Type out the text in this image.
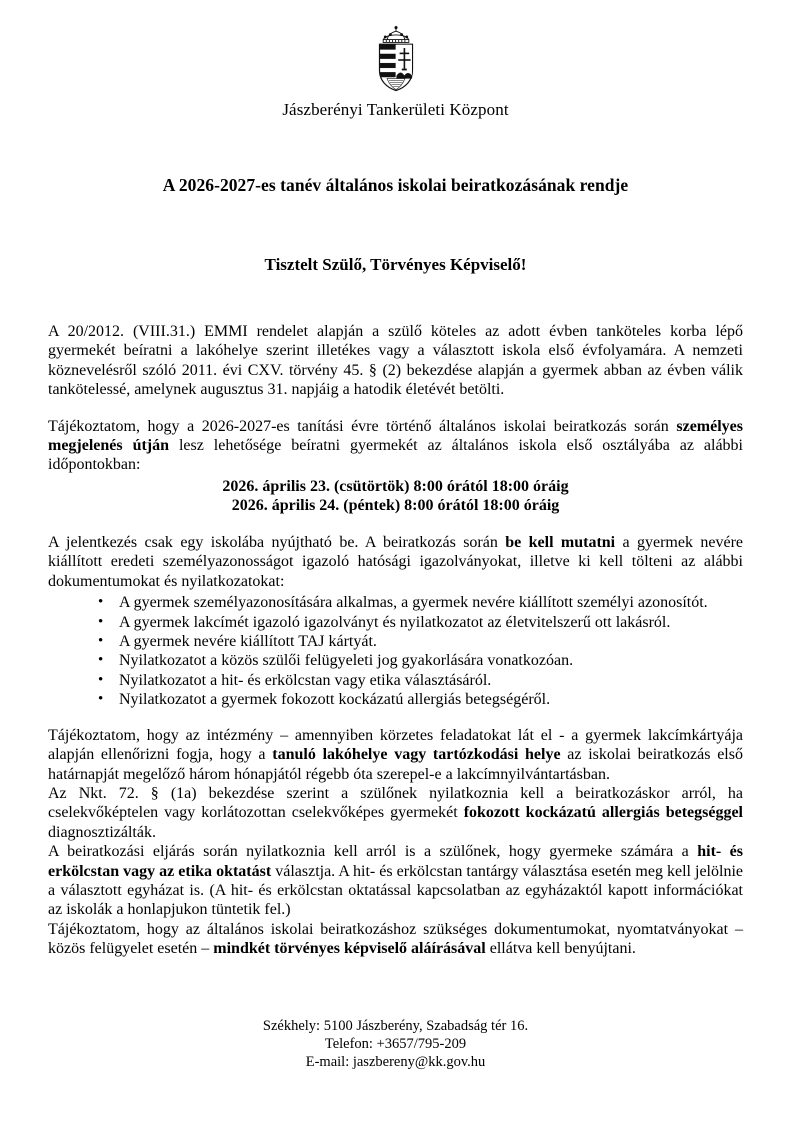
Jászberényi Tankerületi Központ
A 2026-2027-es tanév általános iskolai beiratkozásának rendje
Tisztelt Szülő, Törvényes Képviselő!

A 20/2012. (VIII.31.) EMMI rendelet alapján a szülő köteles az adott évben tanköteles korba lépő gyermekét beíratni a lakóhelye szerint illetékes vagy a választott iskola első évfolyamára. A nemzeti köznevelésről szóló 2011. évi CXV. törvény 45. § (2) bekezdése alapján a gyermek abban az évben válik tankötelessé, amelynek augusztus 31. napjáig a hatodik életévét betölti.

Tájékoztatom, hogy a 2026-2027-es tanítási évre történő általános iskolai beiratkozás során személyes megjelenés útján lesz lehetősége beíratni gyermekét az általános iskola első osztályába az alábbi időpontokban:

2026. április 23. (csütörtök) 8:00 órától 18:00 óráig
2026. április 24. (péntek) 8:00 órától 18:00 óráig

A jelentkezés csak egy iskolába nyújtható be. A beiratkozás során be kell mutatni a gyermek nevére kiállított eredeti személyazonosságot igazoló hatósági igazolványokat, illetve ki kell tölteni az alábbi dokumentumokat és nyilatkozatokat:

• A gyermek személyazonosítására alkalmas, a gyermek nevére kiállított személyi azonosítót.
• A gyermek lakcímét igazoló igazolványt és nyilatkozatot az életvitelszerű ott lakásról.
• A gyermek nevére kiállított TAJ kártyát.
• Nyilatkozatot a közös szülői felügyeleti jog gyakorlására vonatkozóan.
• Nyilatkozatot a hit- és erkölcstan vagy etika választásáról.
• Nyilatkozatot a gyermek fokozott kockázatú allergiás betegségéről.

Tájékoztatom, hogy az intézmény – amennyiben körzetes feladatokat lát el - a gyermek lakcímkártyája alapján ellenőrizni fogja, hogy a tanuló lakóhelye vagy tartózkodási helye az iskolai beiratkozás első határnapját megelőző három hónapjától régebb óta szerepel-e a lakcímnyilvántartásban.

Az Nkt. 72. § (1a) bekezdése szerint a szülőnek nyilatkoznia kell a beiratkozáskor arról, ha cselekvőképtelen vagy korlátozottan cselekvőképes gyermekét fokozott kockázatú allergiás betegséggel diagnosztizálták.

A beiratkozási eljárás során nyilatkoznia kell arról is a szülőnek, hogy gyermeke számára a hit- és erkölcstan vagy az etika oktatást választja. A hit- és erkölcstan tantárgy választása esetén meg kell jelölnie a választott egyházat is. (A hit- és erkölcstan oktatással kapcsolatban az egyházaktól kapott információkat az iskolák a honlapjukon tüntetik fel.)

Tájékoztatom, hogy az általános iskolai beiratkozáshoz szükséges dokumentumokat, nyomtatványokat – közös felügyelet esetén – mindkét törvényes képviselő aláírásával ellátva kell benyújtani.

Székhely: 5100 Jászberény, Szabadság tér 16.
Telefon: +3657/795-209
E-mail: jaszbereny@kk.gov.hu
